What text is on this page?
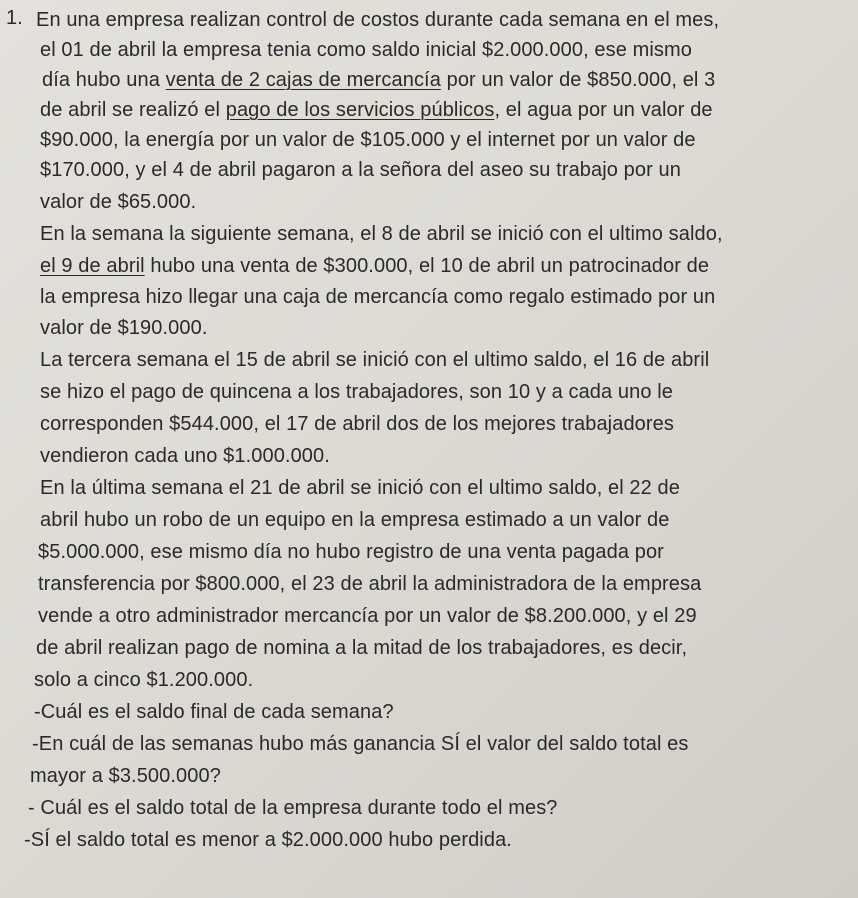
1. En una empresa realizan control de costos durante cada semana en el mes,
el 01 de abril la empresa tenia como saldo inicial $2.000.000, ese mismo
día hubo una venta de 2 cajas de mercancía por un valor de $850.000, el 3
de abril se realizó el pago de los servicios públicos, el agua por un valor de
$90.000, la energía por un valor de $105.000 y el internet por un valor de
$170.000, y el 4 de abril pagaron a la señora del aseo su trabajo por un
valor de $65.000.
En la semana la siguiente semana, el 8 de abril se inició con el ultimo saldo,
el 9 de abril hubo una venta de $300.000, el 10 de abril un patrocinador de
la empresa hizo llegar una caja de mercancía como regalo estimado por un
valor de $190.000.
La tercera semana el 15 de abril se inició con el ultimo saldo, el 16 de abril
se hizo el pago de quincena a los trabajadores, son 10 y a cada uno le
corresponden $544.000, el 17 de abril dos de los mejores trabajadores
vendieron cada uno $1.000.000.
En la última semana el 21 de abril se inició con el ultimo saldo, el 22 de
abril hubo un robo de un equipo en la empresa estimado a un valor de
$5.000.000, ese mismo día no hubo registro de una venta pagada por
transferencia por $800.000, el 23 de abril la administradora de la empresa
vende a otro administrador mercancía por un valor de $8.200.000, y el 29
de abril realizan pago de nomina a la mitad de los trabajadores, es decir,
solo a cinco $1.200.000.
-Cuál es el saldo final de cada semana?
-En cuál de las semanas hubo más ganancia SÍ el valor del saldo total es
mayor a $3.500.000?
- Cuál es el saldo total de la empresa durante todo el mes?
-SÍ el saldo total es menor a $2.000.000 hubo perdida.
